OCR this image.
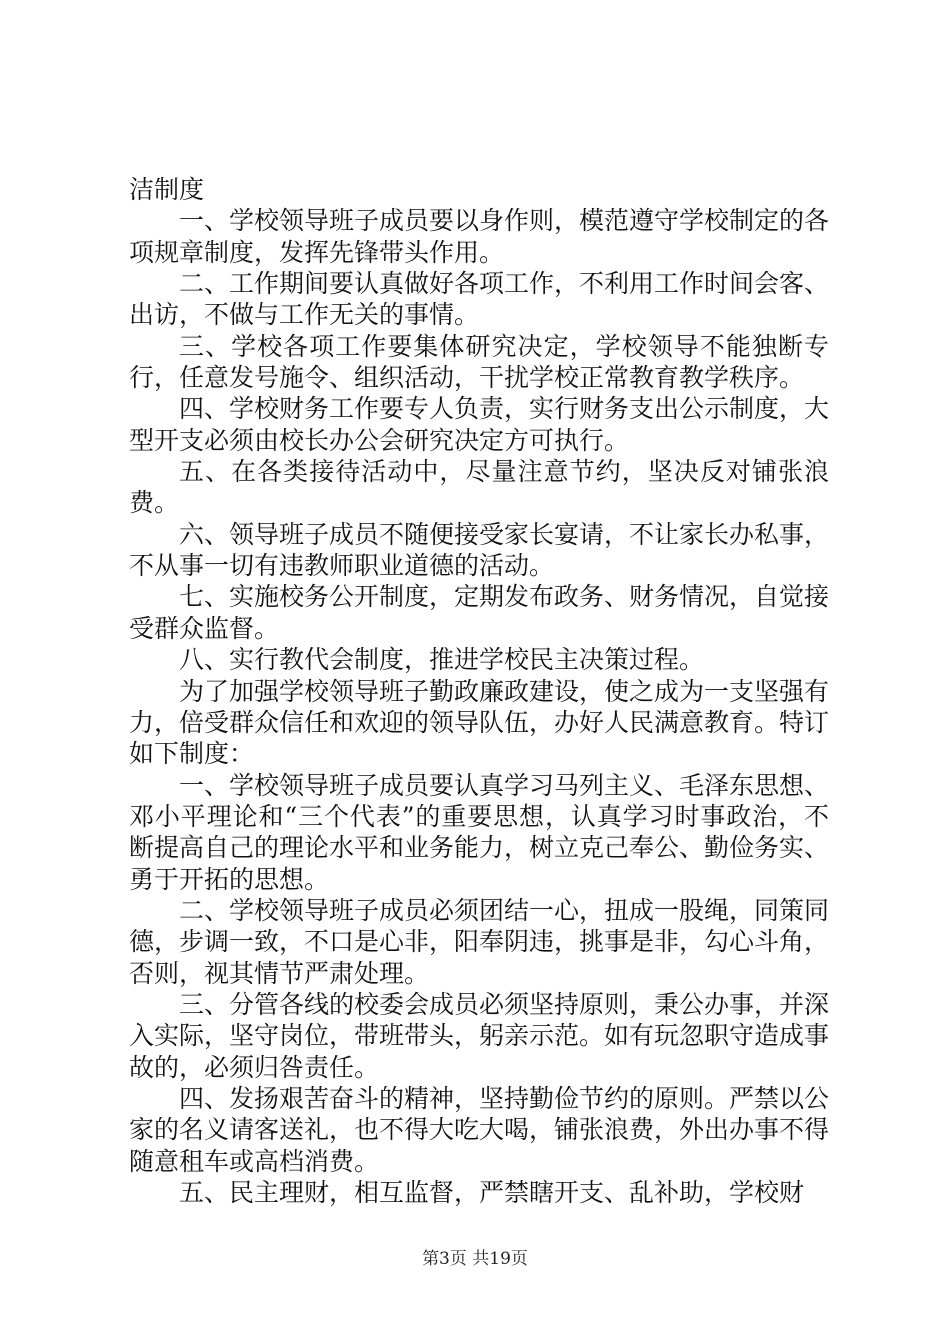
洁制度

一、学校领导班子成员要以身作则，模范遵守学校制定的各项规章制度，发挥先锋带头作用。

二、工作期间要认真做好各项工作，不利用工作时间会客、出访，不做与工作无关的事情。

三、学校各项工作要集体研究决定，学校领导不能独断专行，任意发号施令、组织活动，干扰学校正常教育教学秩序。

四、学校财务工作要专人负责，实行财务支出公示制度，大型开支必须由校长办公会研究决定方可执行。

五、在各类接待活动中，尽量注意节约，坚决反对铺张浪费。

六、领导班子成员不随便接受家长宴请，不让家长办私事，不从事一切有违教师职业道德的活动。

七、实施校务公开制度，定期发布政务、财务情况，自觉接受群众监督。

八、实行教代会制度，推进学校民主决策过程。

为了加强学校领导班子勤政廉政建设，使之成为一支坚强有力，倍受群众信任和欢迎的领导队伍，办好人民满意教育。特订如下制度：

一、学校领导班子成员要认真学习马列主义、毛泽东思想、邓小平理论和“三个代表”的重要思想，认真学习时事政治，不断提高自己的理论水平和业务能力，树立克己奉公、勤俭务实、勇于开拓的思想。

二、学校领导班子成员必须团结一心，扭成一股绳，同策同德，步调一致，不口是心非，阳奉阴违，挑事是非，勾心斗角，否则，视其情节严肃处理。

三、分管各线的校委会成员必须坚持原则，秉公办事，并深入实际，坚守岗位，带班带头，躬亲示范。如有玩忽职守造成事故的，必须归咎责任。

四、发扬艰苦奋斗的精神，坚持勤俭节约的原则。严禁以公家的名义请客送礼，也不得大吃大喝，铺张浪费，外出办事不得随意租车或高档消费。

五、民主理财，相互监督，严禁瞎开支、乱补助，学校财

第3页 共19页
